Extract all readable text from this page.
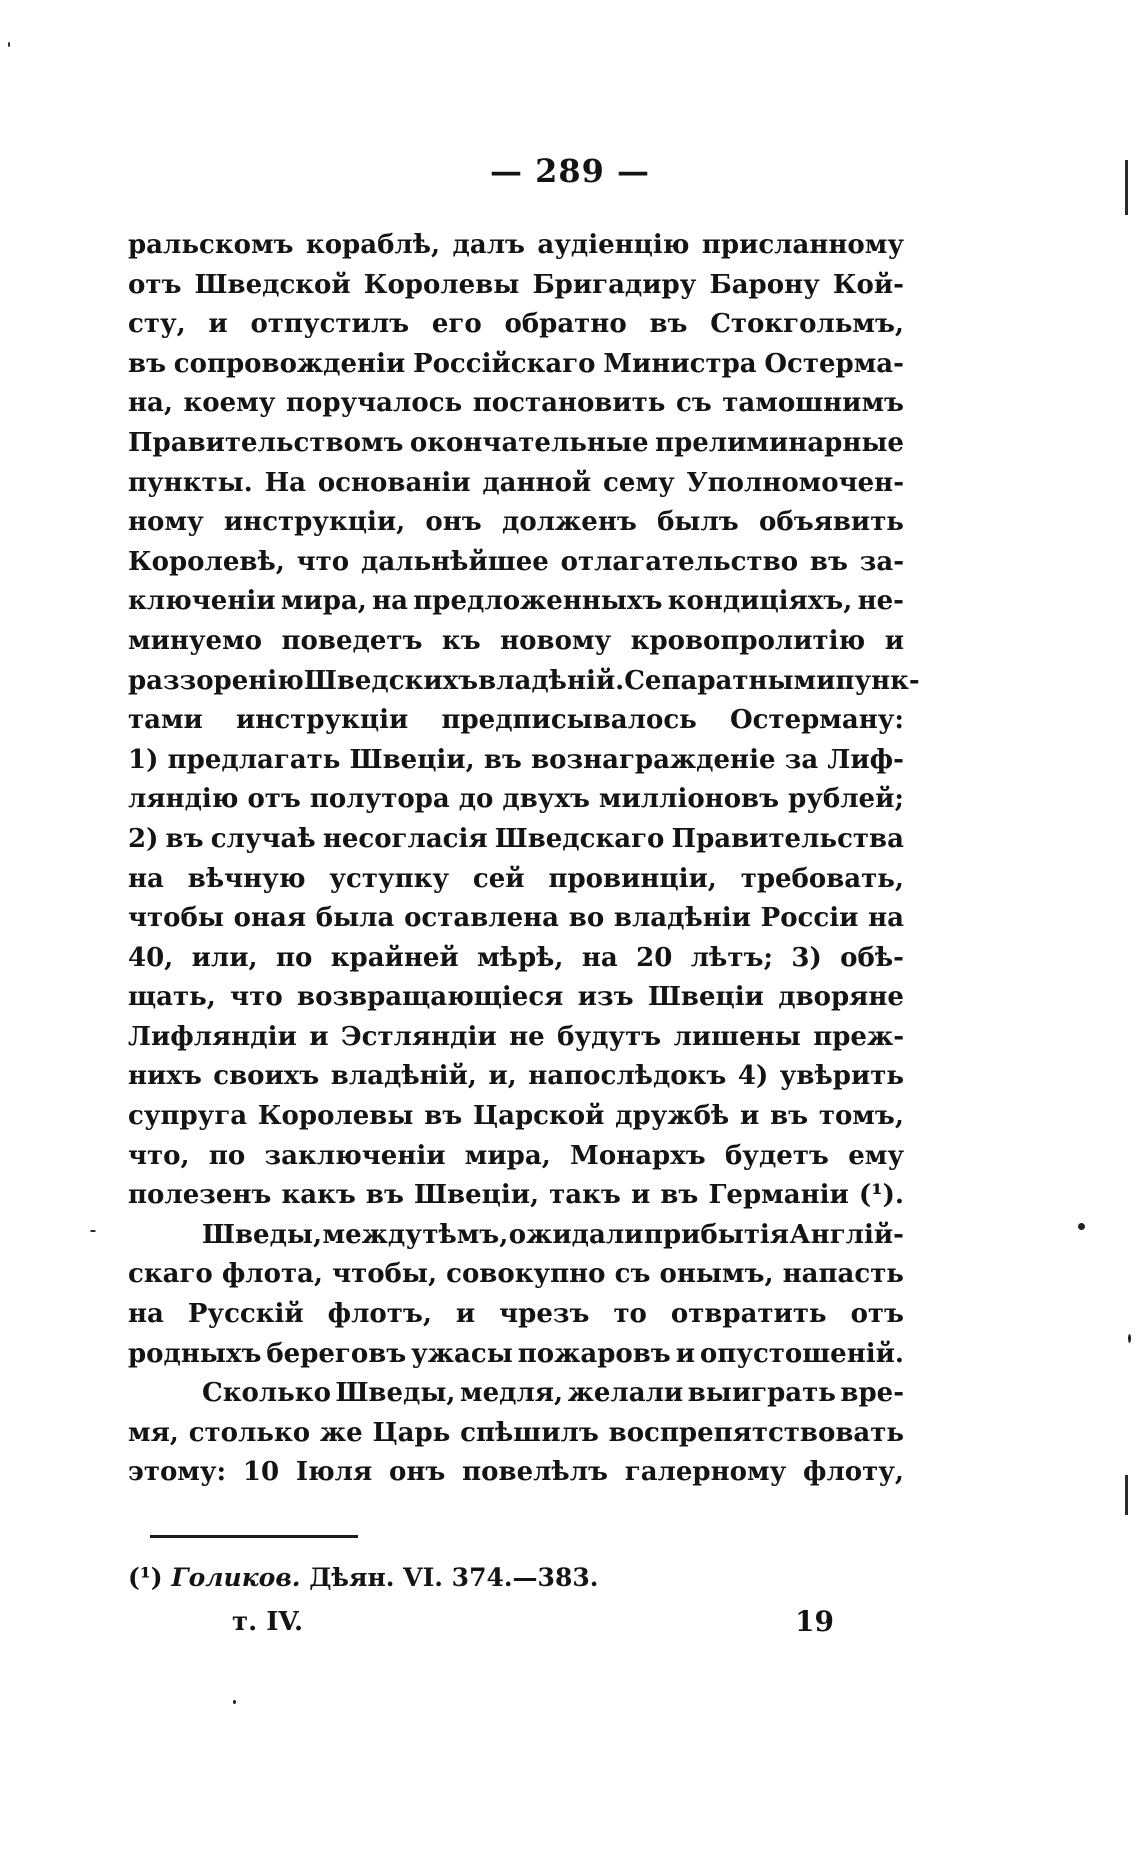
— 289 —
ральскомъ кораблѣ, далъ аудіенцію присланному
отъ Шведской Королевы Бригадиру Барону Кой-
сту, и отпустилъ его обратно въ Стокгольмъ,
въ сопровожденіи Россійскаго Министра Остерма-
на, коему поручалось постановить съ тамошнимъ
Правительствомъ окончательные прелиминарные
пункты. На основаніи данной сему Уполномочен-
ному инструкціи, онъ долженъ былъ объявить
Королевѣ, что дальнѣйшее отлагательство въ за-
ключеніи мира, на предложенныхъ кондиціяхъ, не-
минуемо поведетъ къ новому кровопролитію и
раззоренію Шведскихъ владѣній. Сепаратными пунк-
тами инструкціи предписывалось Остерману:
1) предлагать Швеціи, въ вознагражденіе за Лиф-
ляндію отъ полутора до двухъ милліоновъ рублей;
2) въ случаѣ несогласія Шведскаго Правительства
на вѣчную уступку сей провинціи, требовать,
чтобы оная была оставлена во владѣніи Россіи на
40, или, по крайней мѣрѣ, на 20 лѣтъ; 3) обѣ-
щать, что возвращающіеся изъ Швеціи дворяне
Лифляндіи и Эстляндіи не будутъ лишены преж-
нихъ своихъ владѣній, и, напослѣдокъ 4) увѣрить
супруга Королевы въ Царской дружбѣ и въ томъ,
что, по заключеніи мира, Монархъ будетъ ему
полезенъ какъ въ Швеціи, такъ и въ Германіи (¹).
Шведы, между тѣмъ, ожидали прибытія Англій-
скаго флота, чтобы, совокупно съ онымъ, напасть
на Русскій флотъ, и чрезъ то отвратить отъ
родныхъ береговъ ужасы пожаровъ и опустошеній.
Сколько Шведы, медля, желали выиграть вре-
мя, столько же Царь спѣшилъ воспрепятствовать
этому: 10 Іюля онъ повелѣлъ галерному флоту,
(¹) Голиков. Дѣян. VI. 374.—383.
т. IV.	19
